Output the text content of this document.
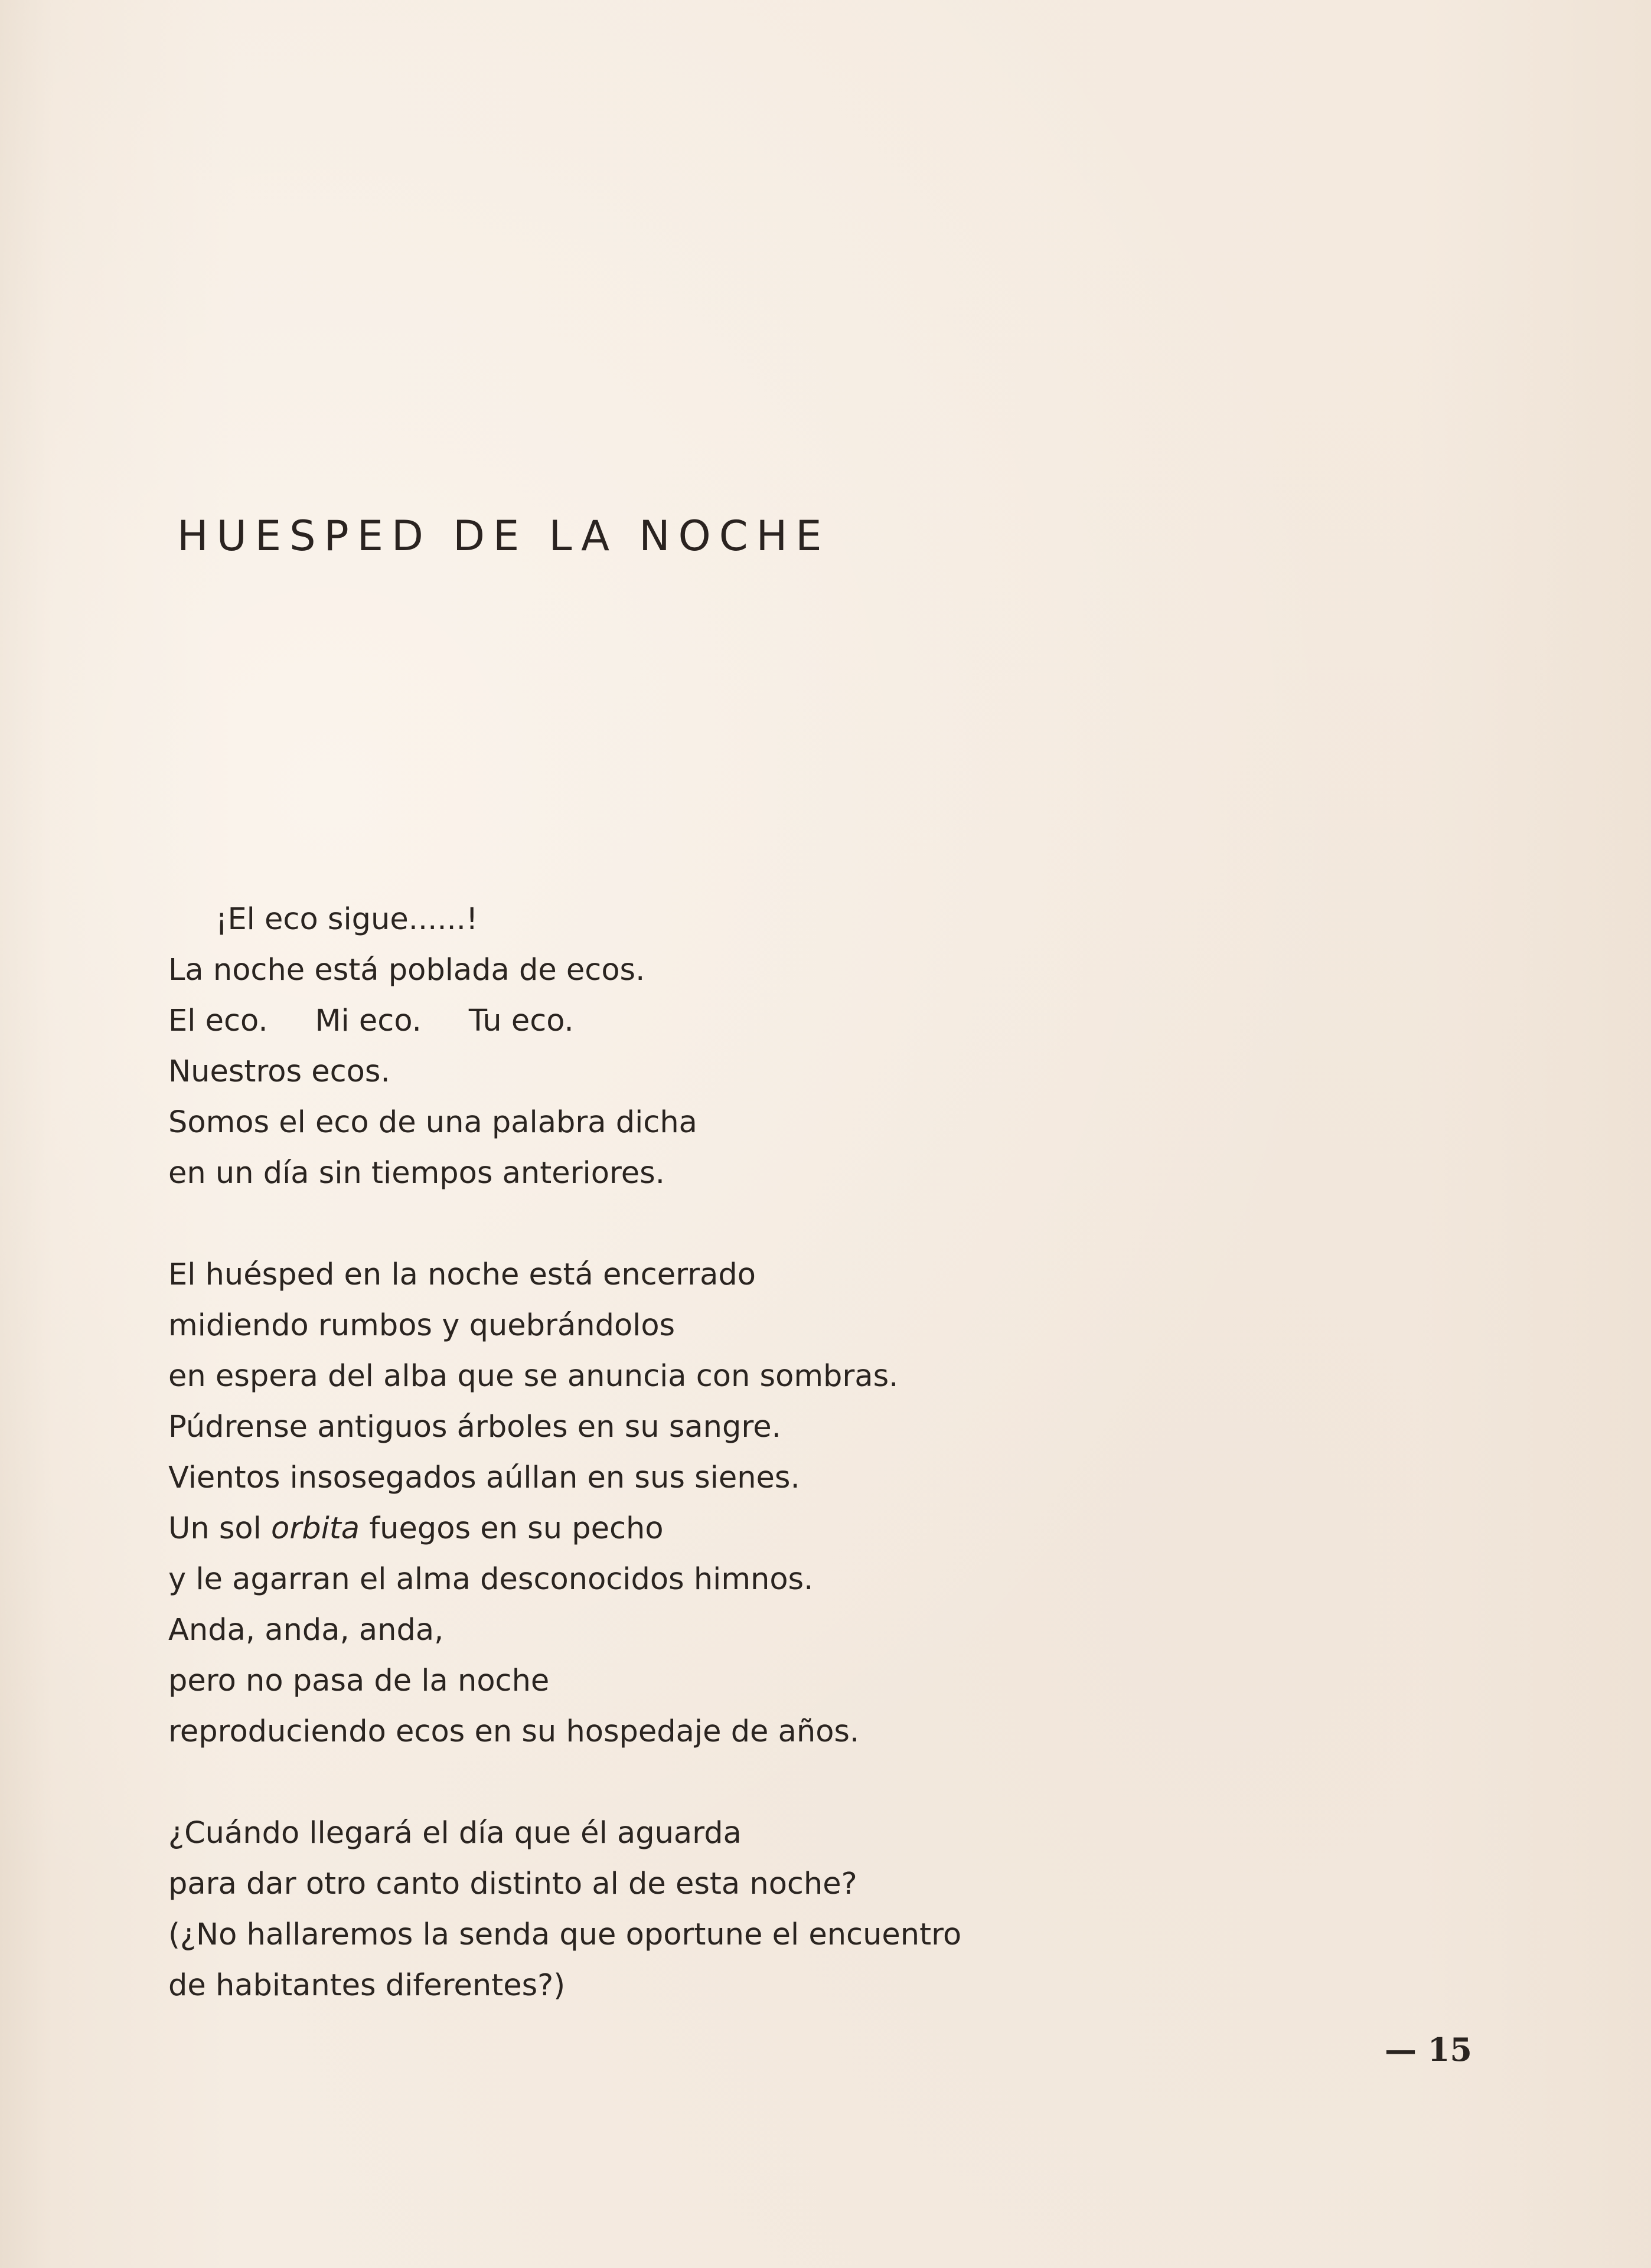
HUESPED DE LA NOCHE
¡El eco sigue......!
La noche está poblada de ecos.
El eco. Mi eco. Tu eco.
Nuestros ecos.
Somos el eco de una palabra dicha
en un día sin tiempos anteriores.
El huésped en la noche está encerrado
midiendo rumbos y quebrándolos
en espera del alba que se anuncia con sombras.
Púdrense antiguos árboles en su sangre.
Vientos insosegados aúllan en sus sienes.
Un sol orbita fuegos en su pecho
y le agarran el alma desconocidos himnos.
Anda, anda, anda,
pero no pasa de la noche
reproduciendo ecos en su hospedaje de años.
¿Cuándo llegará el día que él aguarda
para dar otro canto distinto al de esta noche?
(¿No hallaremos la senda que oportune el encuentro
de habitantes diferentes?)
— 15
